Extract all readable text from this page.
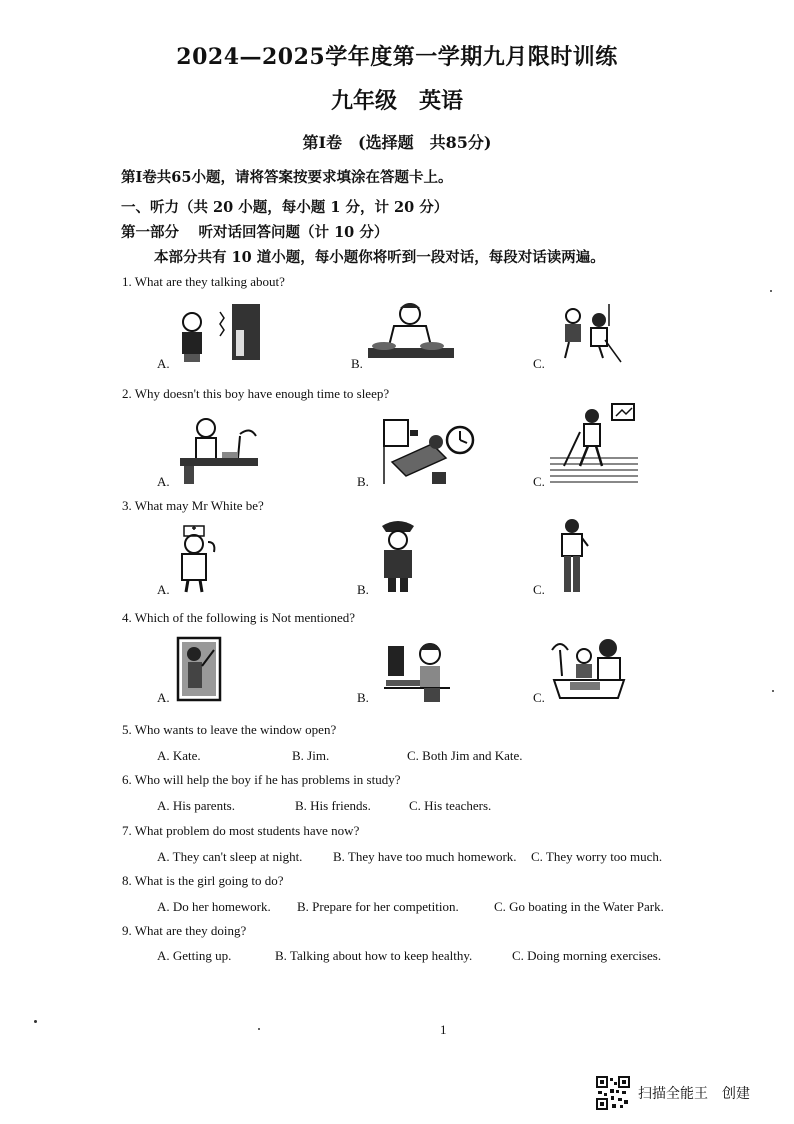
2024—2025学年度第一学期九月限时训练
九年级　英语
第Ⅰ卷　(选择题　共85分)
第Ⅰ卷共65小题，请将答案按要求填涂在答题卡上。
一、听力（共 20 小题，每小题 1 分，计 20 分）
第一部分　 听对话回答问题（计 10 分）
本部分共有 10 道小题，每小题你将听到一段对话，每段对话读两遍。
1. What are they talking about?
A.	B.	C.
2. Why doesn't this boy have enough time to sleep?
A.	B.	C.
3. What may Mr White be?
A.	B.	C.
4. Which of the following is Not mentioned?
A.	B.	C.
5. Who wants to leave the window open?
A. Kate.	B. Jim.	C. Both Jim and Kate.
6. Who will help the boy if he has problems in study?
A. His parents.	B. His friends.	C. His teachers.
7. What problem do most students have now?
A. They can't sleep at night. B. They have too much homework. C. They worry too much.
8. What is the girl going to do?
A. Do her homework. B. Prepare for her competition.	C. Go boating in the Water Park.
9. What are they doing?
A. Getting up.	B. Talking about how to keep healthy.	C. Doing morning exercises.
1
扫描全能王　创建
